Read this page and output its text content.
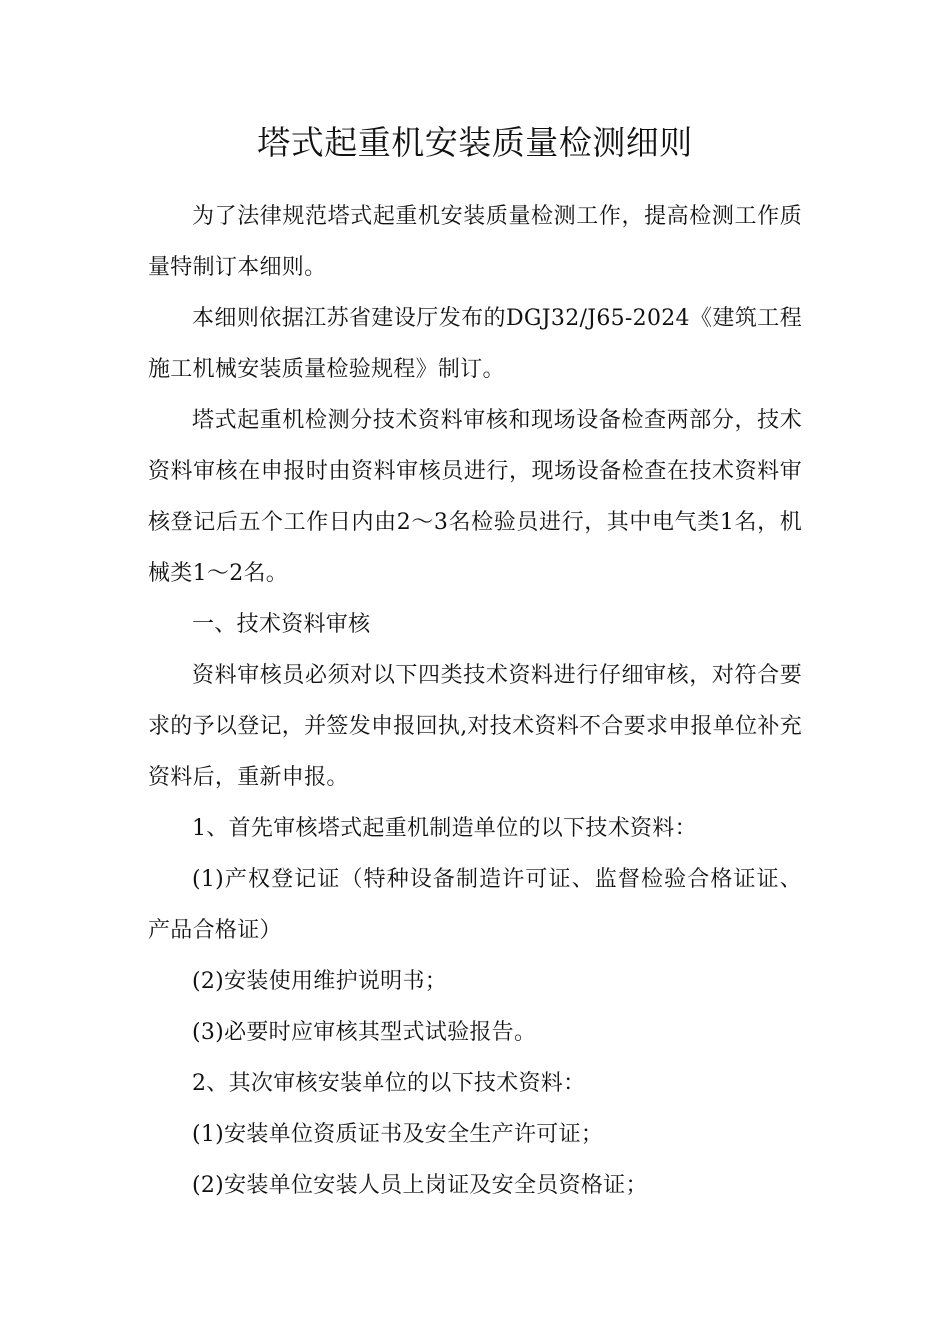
塔式起重机安装质量检测细则

为了法律规范塔式起重机安装质量检测工作，提高检测工作质量特制订本细则。

本细则依据江苏省建设厅发布的DGJ32/J65-2024《建筑工程施工机械安装质量检验规程》制订。

塔式起重机检测分技术资料审核和现场设备检查两部分，技术资料审核在申报时由资料审核员进行，现场设备检查在技术资料审核登记后五个工作日内由2～3名检验员进行，其中电气类1名，机械类1～2名。

一、技术资料审核

资料审核员必须对以下四类技术资料进行仔细审核，对符合要求的予以登记，并签发申报回执,对技术资料不合要求申报单位补充资料后，重新申报。

1、首先审核塔式起重机制造单位的以下技术资料：

(1)产权登记证（特种设备制造许可证、监督检验合格证证、产品合格证）

(2)安装使用维护说明书；

(3)必要时应审核其型式试验报告。

2、其次审核安装单位的以下技术资料：

(1)安装单位资质证书及安全生产许可证；

(2)安装单位安装人员上岗证及安全员资格证；
